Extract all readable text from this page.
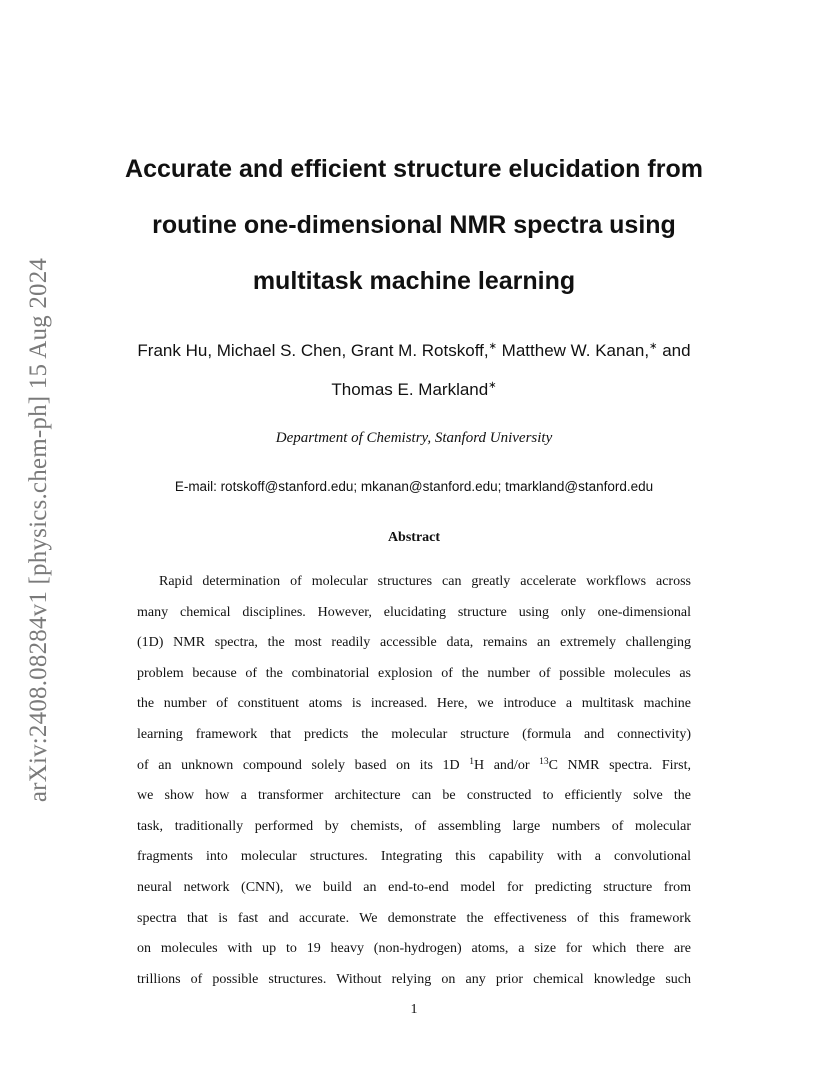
arXiv:2408.08284v1 [physics.chem-ph] 15 Aug 2024
Accurate and efficient structure elucidation from
routine one-dimensional NMR spectra using
multitask machine learning
Frank Hu, Michael S. Chen, Grant M. Rotskoff,∗ Matthew W. Kanan,∗ and
Thomas E. Markland∗
Department of Chemistry, Stanford University
E-mail: rotskoff@stanford.edu; mkanan@stanford.edu; tmarkland@stanford.edu
Abstract
Rapid determination of molecular structures can greatly accelerate workflows across
many chemical disciplines. However, elucidating structure using only one-dimensional
(1D) NMR spectra, the most readily accessible data, remains an extremely challenging
problem because of the combinatorial explosion of the number of possible molecules as
the number of constituent atoms is increased. Here, we introduce a multitask machine
learning framework that predicts the molecular structure (formula and connectivity)
of an unknown compound solely based on its 1D $^1$H and/or $^{13}$C NMR spectra. First,
we show how a transformer architecture can be constructed to efficiently solve the
task, traditionally performed by chemists, of assembling large numbers of molecular
fragments into molecular structures. Integrating this capability with a convolutional
neural network (CNN), we build an end-to-end model for predicting structure from
spectra that is fast and accurate. We demonstrate the effectiveness of this framework
on molecules with up to 19 heavy (non-hydrogen) atoms, a size for which there are
trillions of possible structures. Without relying on any prior chemical knowledge such
1
